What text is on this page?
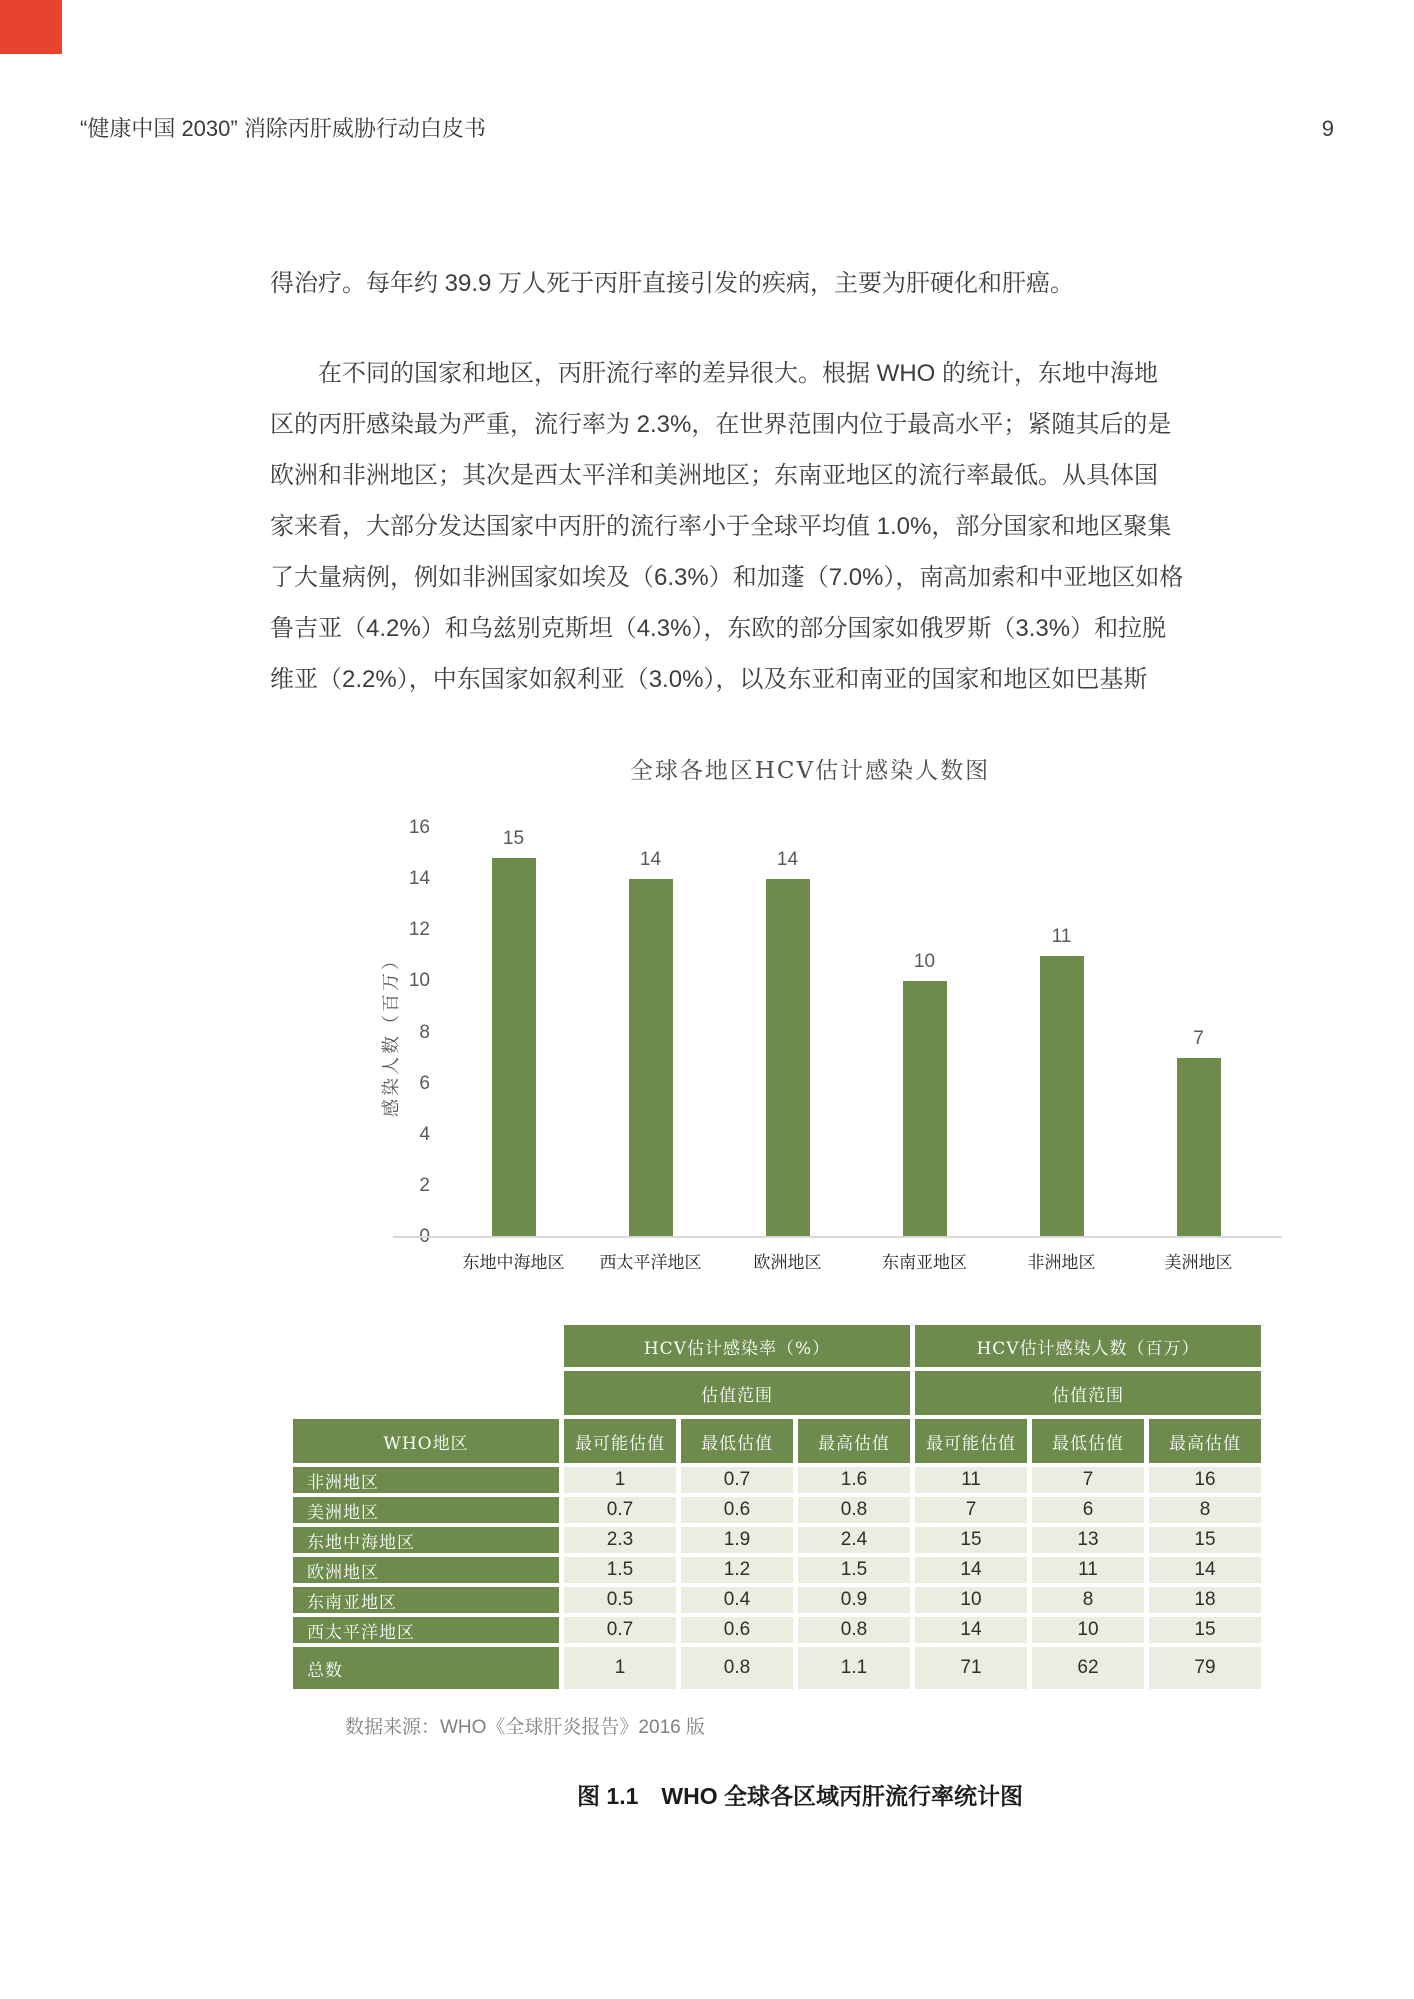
“健康中国 2030” 消除丙肝威胁行动白皮书	9
得治疗。每年约 39.9 万人死于丙肝直接引发的疾病，主要为肝硬化和肝癌。
在不同的国家和地区，丙肝流行率的差异很大。根据 WHO 的统计，东地中海地
区的丙肝感染最为严重，流行率为 2.3%，在世界范围内位于最高水平；紧随其后的是
欧洲和非洲地区；其次是西太平洋和美洲地区；东南亚地区的流行率最低。从具体国
家来看，大部分发达国家中丙肝的流行率小于全球平均值 1.0%，部分国家和地区聚集
了大量病例，例如非洲国家如埃及（6.3%）和加蓬（7.0%），南高加索和中亚地区如格
鲁吉亚（4.2%）和乌兹别克斯坦（4.3%），东欧的部分国家如俄罗斯（3.3%）和拉脱
维亚（2.2%），中东国家如叙利亚（3.0%），以及东亚和南亚的国家和地区如巴基斯
全球各地区HCV估计感染人数图
16
14
12
10
8
6
4
2
感染人数（百万）
15
14	14
10
11
7
东地中海地区	西太平洋地区	欧洲地区	东南亚地区	非洲地区	美洲地区
HCV估计感染率（%）	HCV估计感染人数（百万）
估值范围	估值范围
WHO地区	最可能估值	最低估值	最高估值	最可能估值	最低估值	最高估值
非洲地区	1	0.7	1.6	11	7	16
美洲地区	0.7	0.6	0.8	7	6	8
东地中海地区	2.3	1.9	2.4	15	13	15
欧洲地区	1.5	1.2	1.5	14	11	14
东南亚地区	0.5	0.4	0.9	10	8	18
西太平洋地区	0.7	0.6	0.8	14	10	15
总数	1	0.8	1.1	71	62	79
数据来源：WHO《全球肝炎报告》2016 版
图 1.1　WHO 全球各区域丙肝流行率统计图
